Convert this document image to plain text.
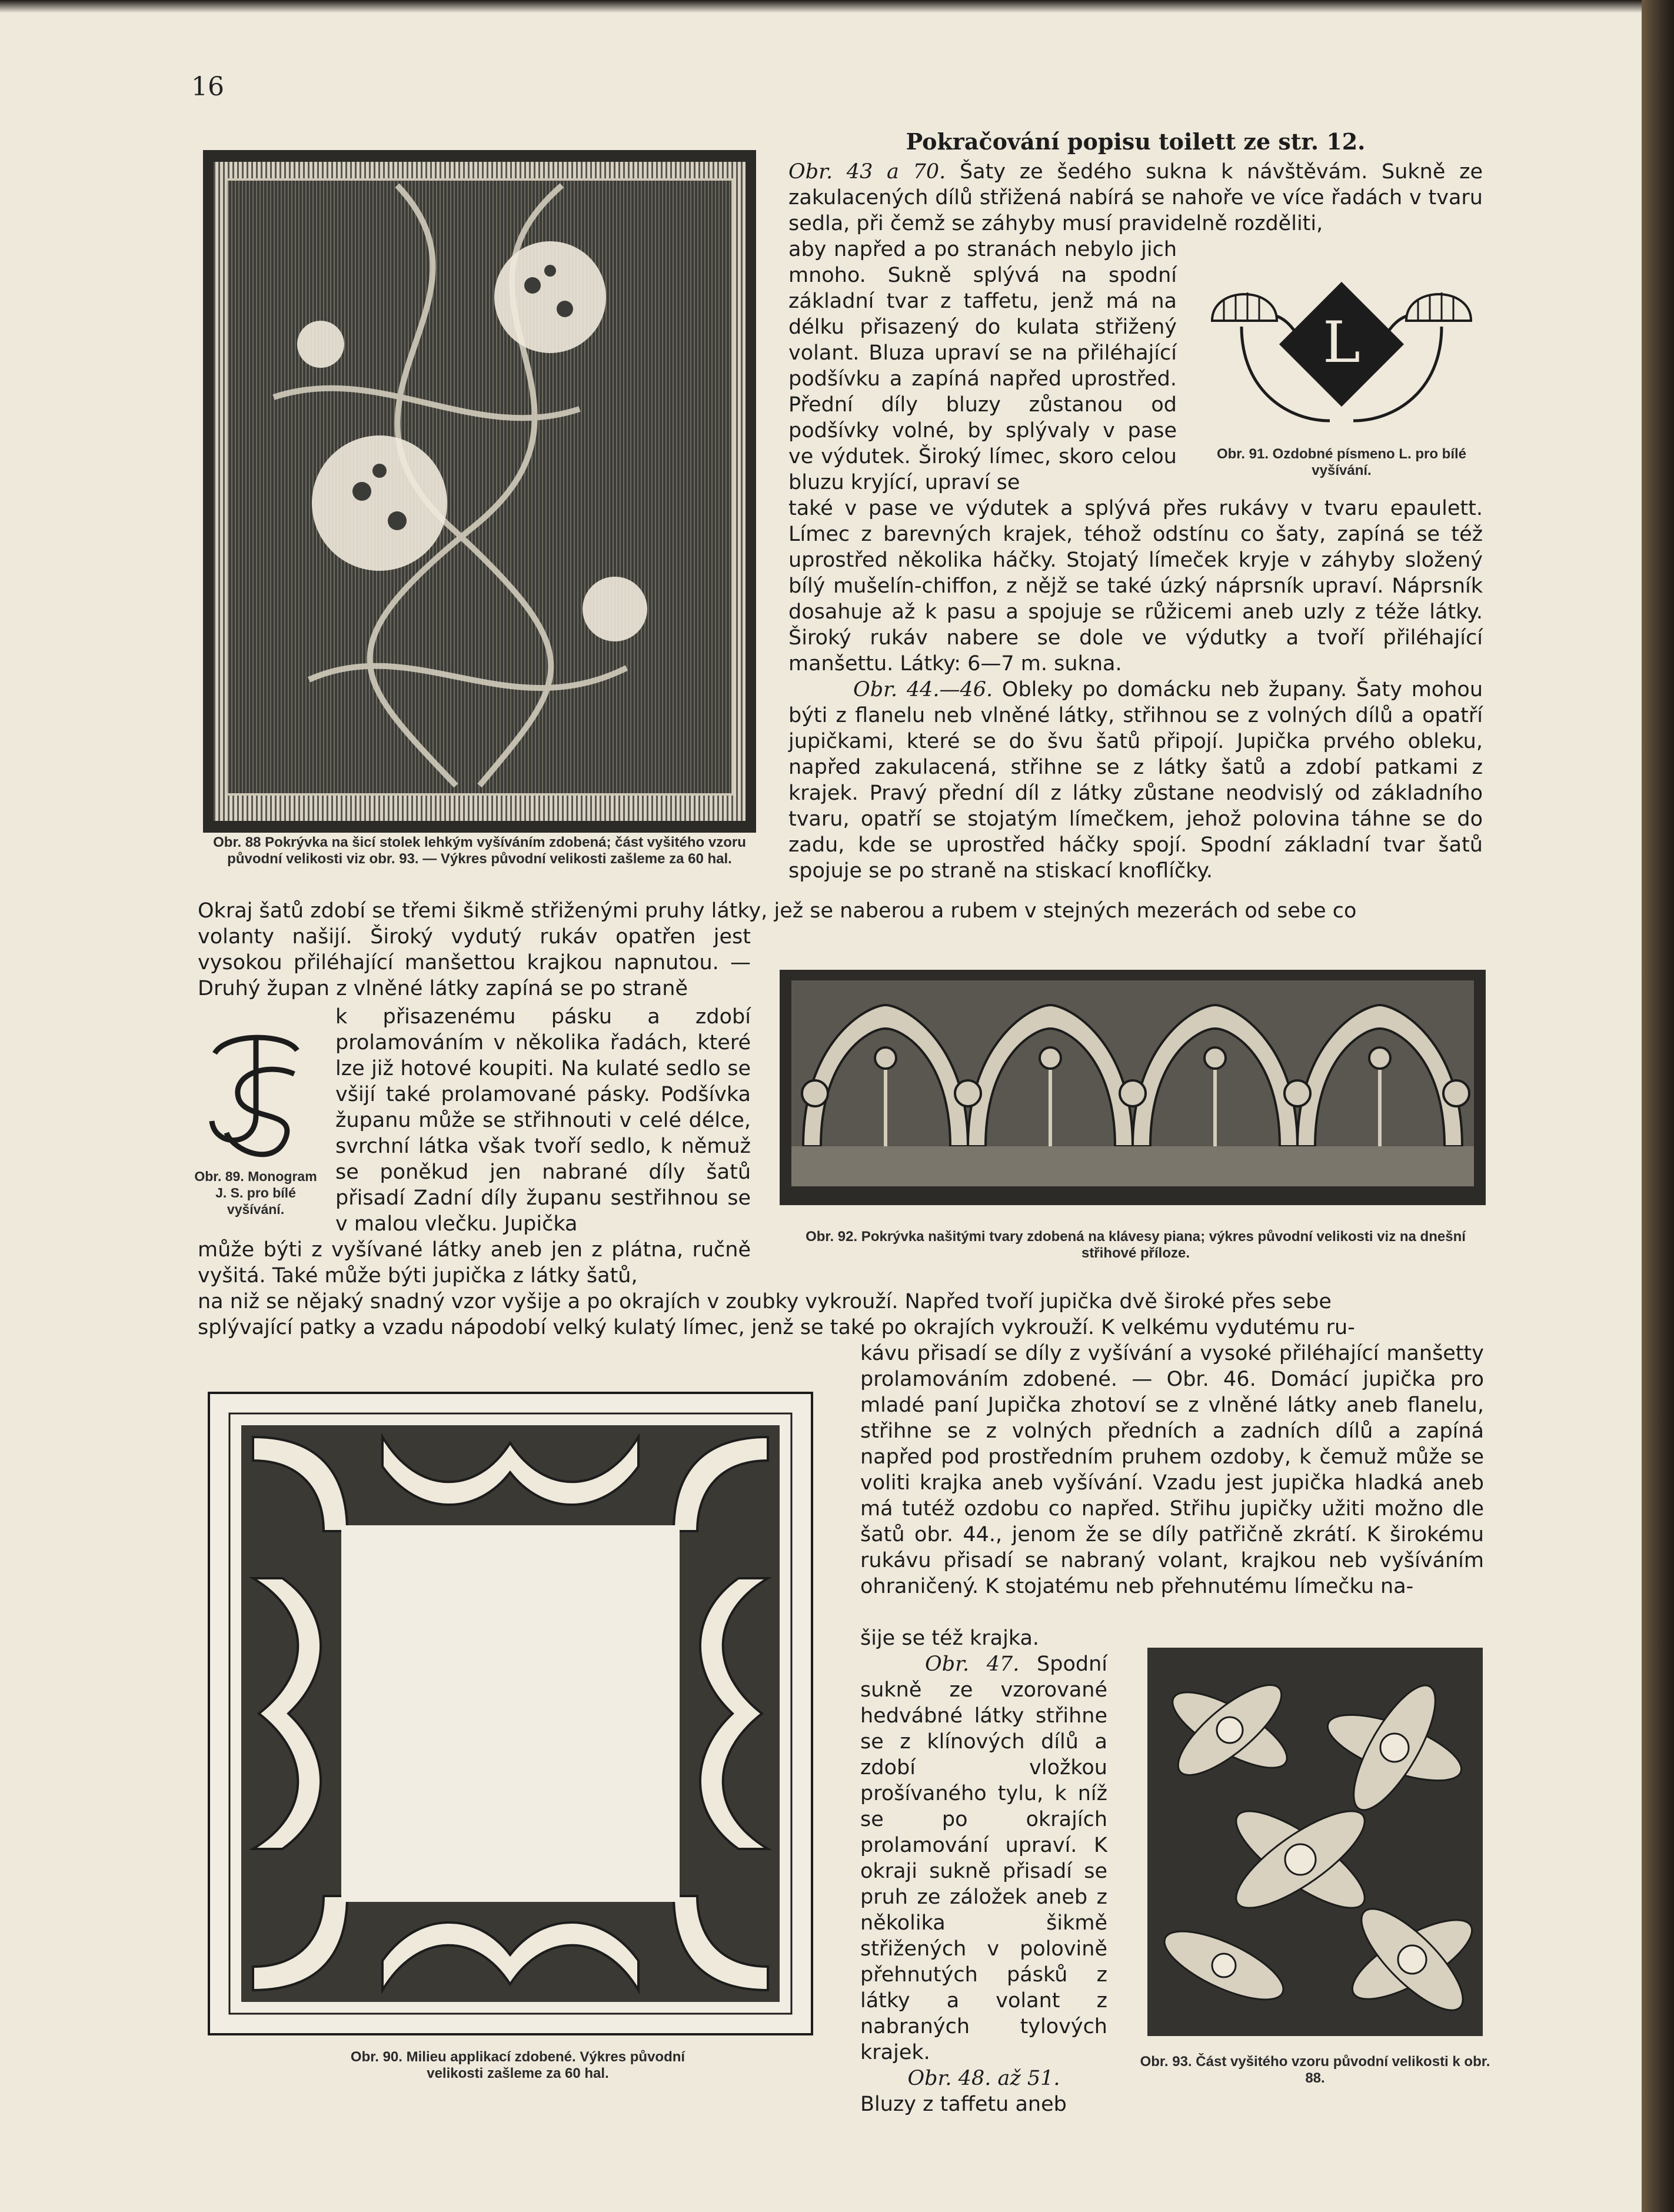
16
Obr. 88 Pokrývka na šicí stolek lehkým vyšíváním zdobená; část vyšitého vzoru původní velikosti viz obr. 93. — Výkres původní velikosti zašleme za 60 hal.
Pokračování popisu toilett ze str. 12.

Obr. 43 a 70. Šaty ze šedého sukna k návštěvám. Sukně ze zakulacených dílů střižená nabírá se nahoře ve více řadách v tvaru sedla, při čemž se záhyby musí pravidelně rozděliti,

aby napřed a po stranách nebylo jich mnoho. Sukně splývá na spodní základní tvar z taffetu, jenž má na délku přisazený do kulata střižený volant. Bluza upraví se na přiléhající podšívku a zapíná napřed uprostřed. Přední díly bluzy zůstanou od podšívky volné, by splývaly v pase ve výdutek. Široký límec, skoro celou bluzu kryjící, upraví se
L
Obr. 91. Ozdobné písmeno L. pro bílé vyšívání.

také v pase ve výdutek a splývá přes rukávy v tvaru epaulett. Límec z barevných krajek, téhož odstínu co šaty, zapíná se též uprostřed několika háčky. Stojatý límeček kryje v záhyby složený bílý mušelín-chiffon, z nějž se také úzký náprsník upraví. Náprsník dosahuje až k pasu a spojuje se růžicemi aneb uzly z téže látky. Široký rukáv nabere se dole ve výdutky a tvoří přiléhající manšettu. Látky: 6—7 m. sukna.

Obr. 44.—46. Obleky po domácku neb župany. Šaty mohou býti z flanelu neb vlněné látky, střihnou se z volných dílů a opatří jupičkami, které se do švu šatů připojí. Jupička prvého obleku, napřed zakulacená, střihne se z látky šatů a zdobí patkami z krajek. Pravý přední díl z látky zůstane neodvislý od základního tvaru, opatří se stojatým límečkem, jehož polovina táhne se do zadu, kde se uprostřed háčky spojí. Spodní základní tvar šatů spojuje se po straně na stiskací knoflíčky.

Okraj šatů zdobí se třemi šikmě střiženými pruhy látky, jež se naberou a rubem v stejných mezerách od sebe co
volanty našijí. Široký vydutý rukáv opatřen jest vysokou přiléhající manšettou krajkou napnutou. — Druhý župan z vlněné látky zapíná se po straně
Obr. 89. Monogram J. S. pro bílé vyšívání.
k přisazenému pásku a zdobí prolamováním v několika řadách, které lze již hotové koupiti. Na kulaté sedlo se všijí také prolamované pásky. Podšívka županu může se střihnouti v celé délce, svrchní látka však tvoří sedlo, k němuž se poněkud jen nabrané díly šatů přisadí Zadní díly županu sestřihnou se v malou vlečku. Jupička
může býti z vyšívané látky aneb jen z plátna, ručně vyšitá. Také může býti jupička z látky šatů,
Obr. 92. Pokrývka našitými tvary zdobená na klávesy piana; výkres původní velikosti viz na dnešní střihové příloze.
na niž se nějaký snadný vzor vyšije a po okrajích v zoubky vykrouží. Napřed tvoří jupička dvě široké přes sebe
splývající patky a vzadu nápodobí velký kulatý límec, jenž se také po okrajích vykrouží. K velkému vydutému ru-
Obr. 90. Milieu applikací zdobené. Výkres původní velikosti zašleme za 60 hal.
kávu přisadí se díly z vyšívání a vysoké přiléhající manšetty prolamováním zdobené. — Obr. 46. Domácí jupička pro mladé paní Jupička zhotoví se z vlněné látky aneb flanelu, střihne se z volných předních a zadních dílů a zapíná napřed pod prostředním pruhem ozdoby, k čemuž může se voliti krajka aneb vyšívání. Vzadu jest jupička hladká aneb má tutéž ozdobu co napřed. Střihu jupičky užiti možno dle šatů obr. 44., jenom že se díly patřičně zkrátí. K širokému rukávu přisadí se nabraný volant, krajkou neb vyšíváním ohraničený. K stojatému neb přehnutému límečku na-

šije se též krajka.

Obr. 47. Spodní sukně ze vzorované hedvábné látky střihne se z klínových dílů a zdobí vložkou prošívaného tylu, k níž se po okrajích prolamování upraví. K okraji sukně přisadí se pruh ze záložek aneb z několika šikmě střižených v polovině přehnutých pásků z látky a volant z nabraných tylových krajek.

Obr. 48. až 51.

Bluzy z taffetu aneb

Obr. 93. Část vyšitého vzoru původní velikosti k obr. 88.
